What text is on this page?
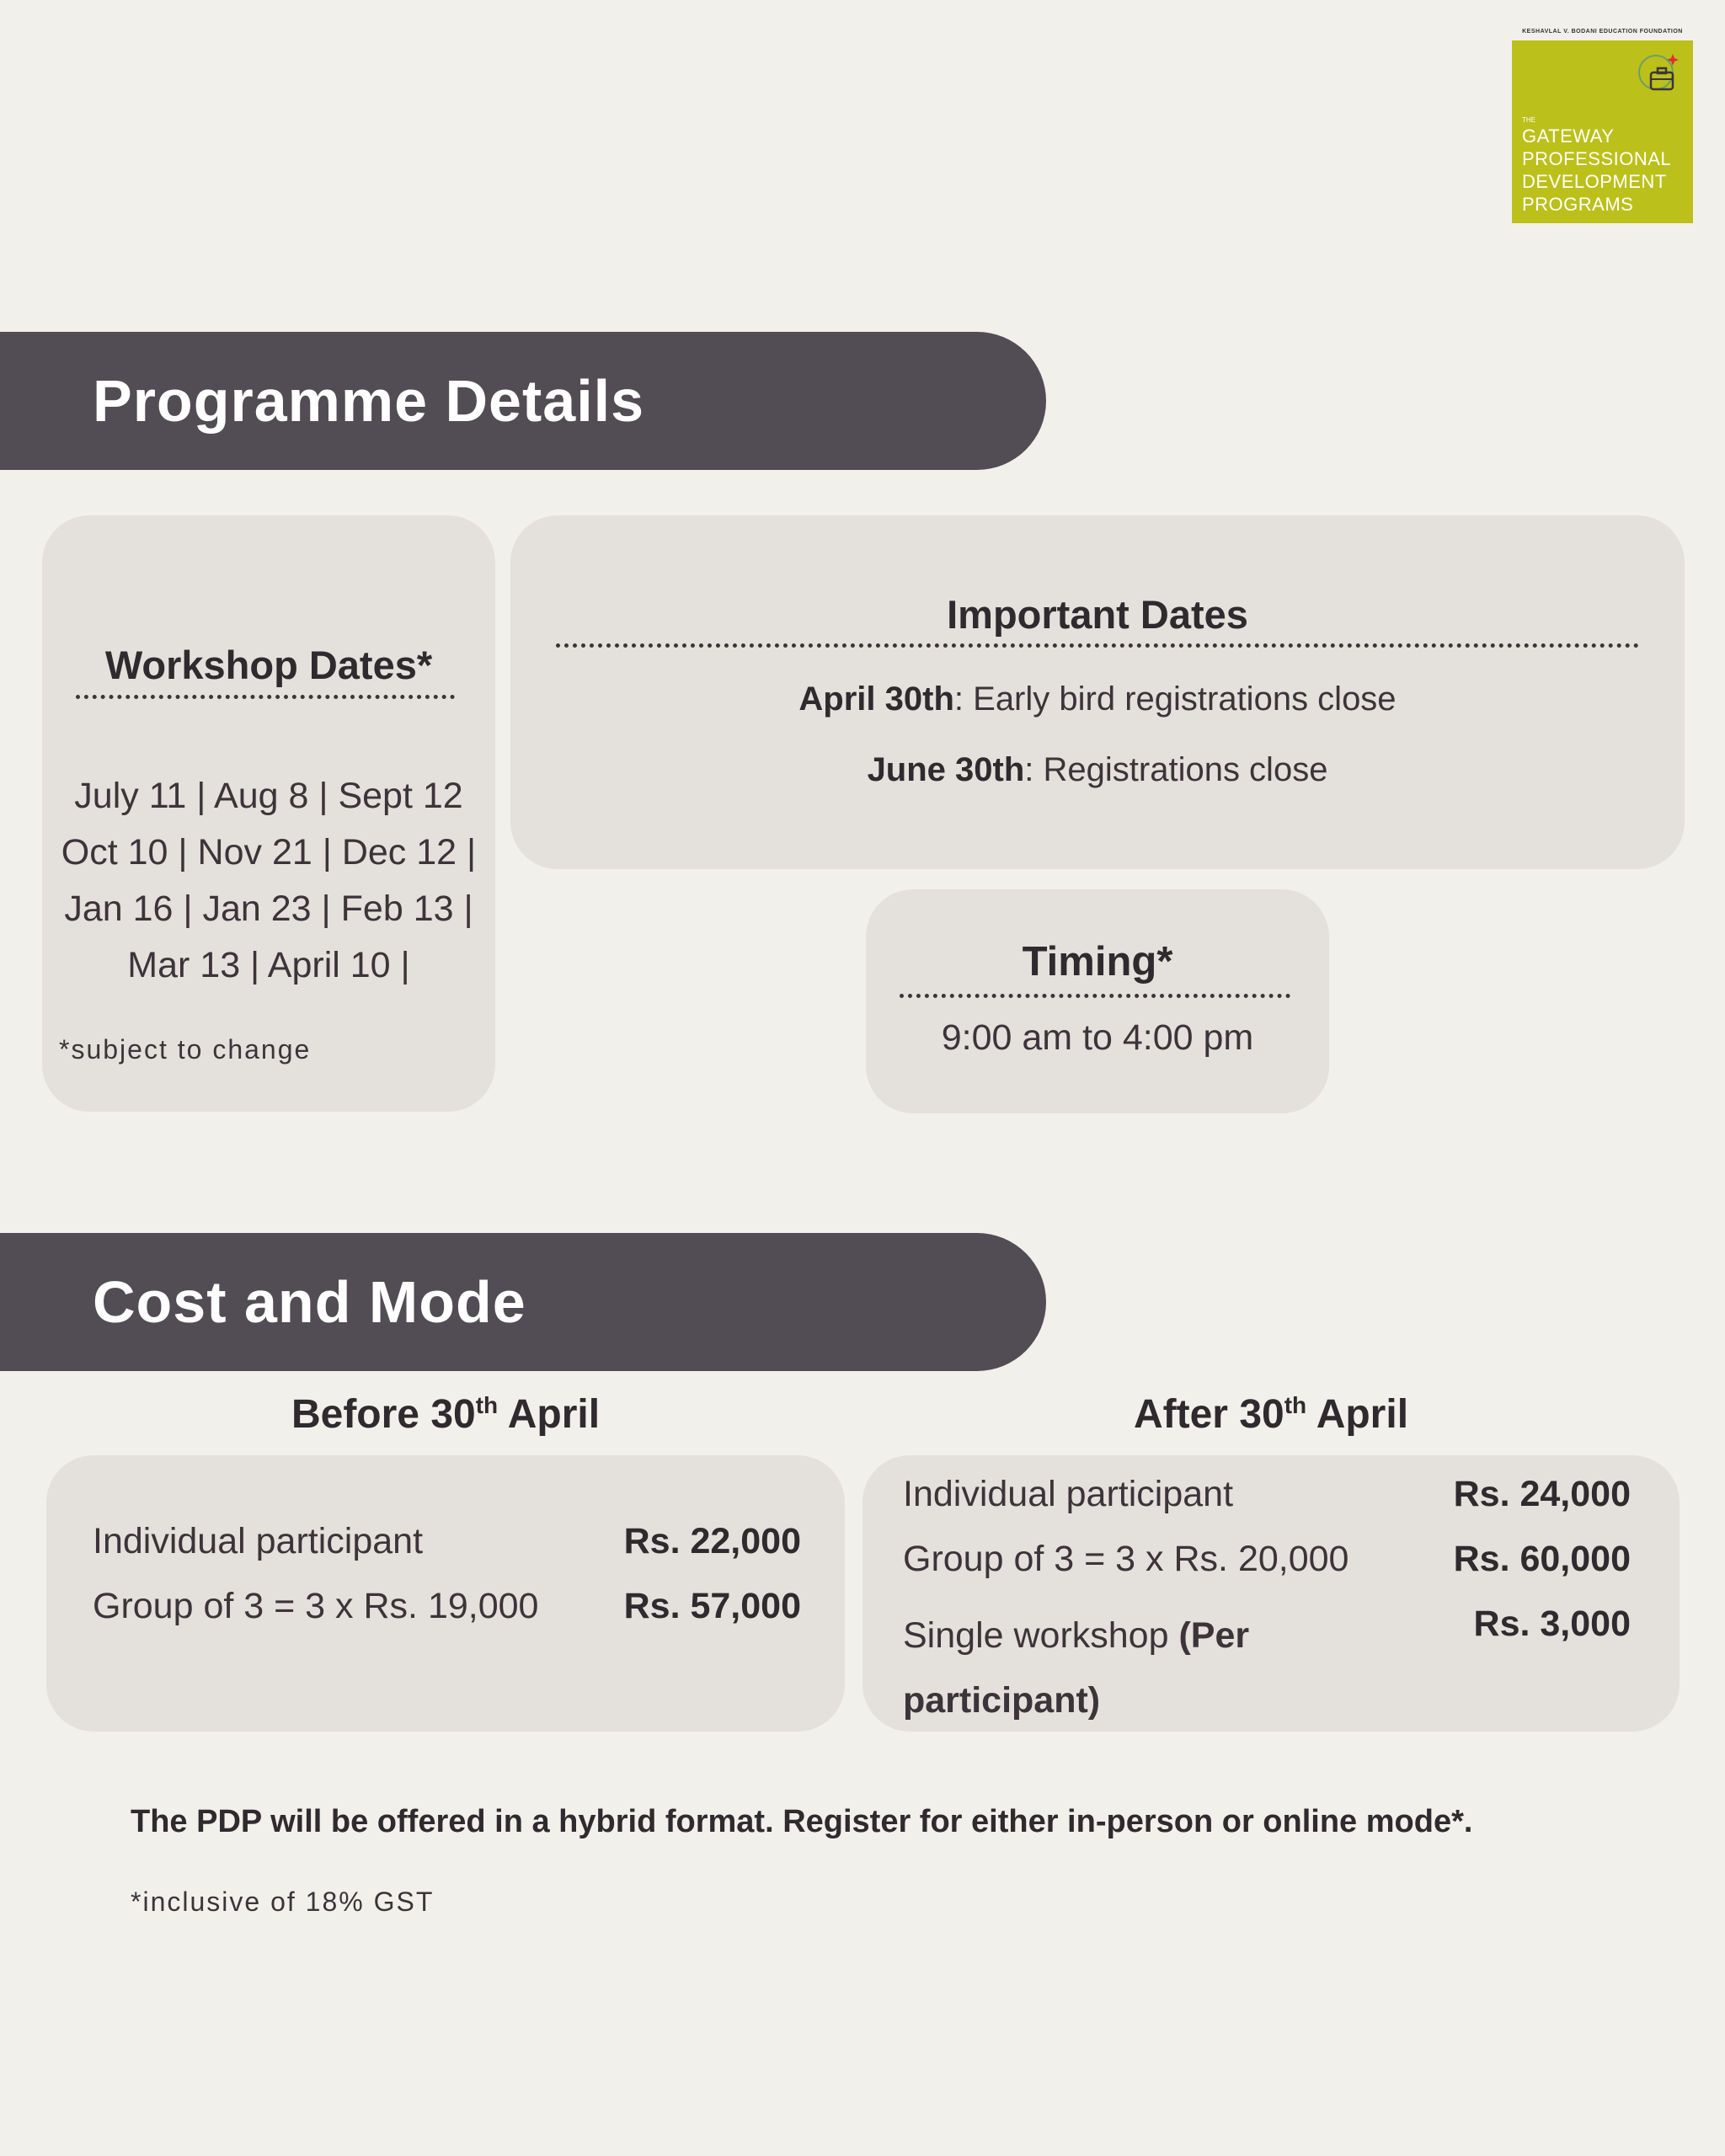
KESHAVLAL V. BODANI EDUCATION FOUNDATION
THE
GATEWAY
PROFESSIONAL
DEVELOPMENT
PROGRAMS
Programme Details
Workshop Dates*
July 11 | Aug 8 | Sept 12
Oct 10 | Nov 21 | Dec 12 |
Jan 16 | Jan 23 | Feb 13 |
Mar 13 | April 10 |
*subject to change
Important Dates
April 30th: Early bird registrations close
June 30th: Registrations close
Timing*
9:00 am to 4:00 pm
Cost and Mode
Before 30th April
Individual participant	Rs. 22,000
Group of 3 = 3 x Rs. 19,000 Rs. 57,000
After 30th April
Individual participant	Rs. 24,000
Group of 3 = 3 x Rs. 20,000	Rs. 60,000
Single workshop (Per
participant)
Rs. 3,000
The PDP will be offered in a hybrid format. Register for either in-person or online mode*.
*inclusive of 18% GST
